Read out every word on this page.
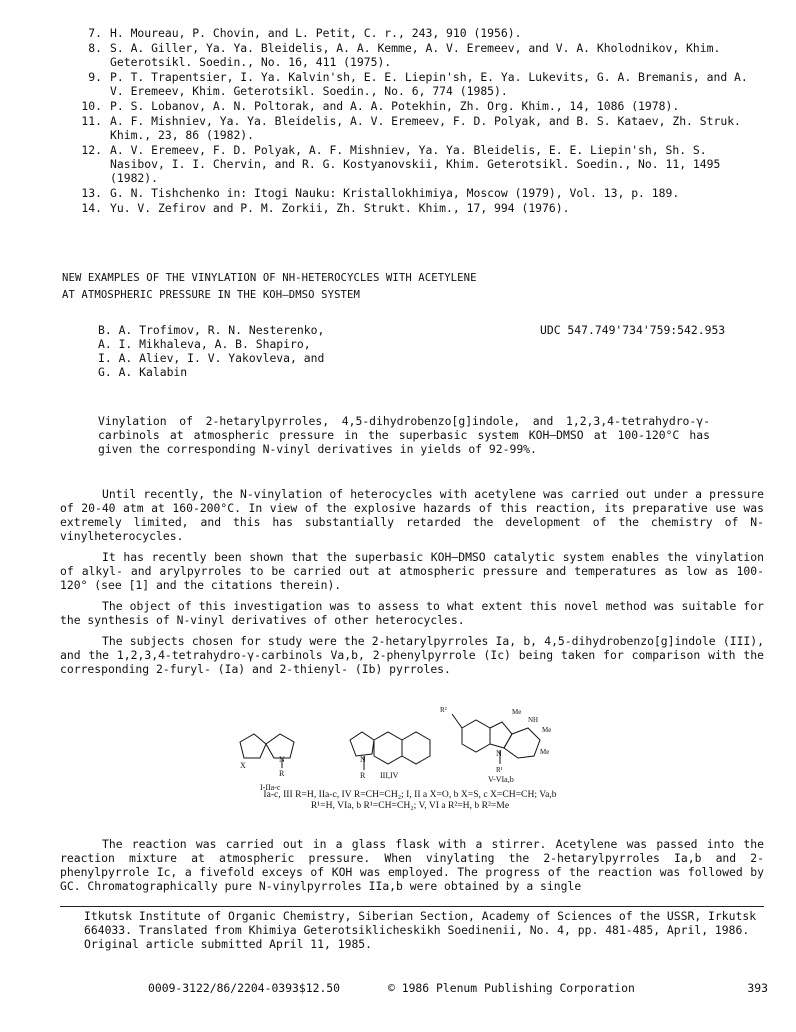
7. H. Moureau, P. Chovin, and L. Petit, C. r., 243, 910 (1956).
8. S. A. Giller, Ya. Ya. Bleidelis, A. A. Kemme, A. V. Eremeev, and V. A. Kholodnikov, Khim. Geterotsikl. Soedin., No. 16, 411 (1975).
9. P. T. Trapentsier, I. Ya. Kalvin'sh, E. E. Liepin'sh, E. Ya. Lukevits, G. A. Bremanis, and A. V. Eremeev, Khim. Geterotsikl. Soedin., No. 6, 774 (1985).
10. P. S. Lobanov, A. N. Poltorak, and A. A. Potekhin, Zh. Org. Khim., 14, 1086 (1978).
11. A. F. Mishniev, Ya. Ya. Bleidelis, A. V. Eremeev, F. D. Polyak, and B. S. Kataev, Zh. Struk. Khim., 23, 86 (1982).
12. A. V. Eremeev, F. D. Polyak, A. F. Mishniev, Ya. Ya. Bleidelis, E. E. Liepin'sh, Sh. S. Nasibov, I. I. Chervin, and R. G. Kostyanovskii, Khim. Geterotsikl. Soedin., No. 11, 1495 (1982).
13. G. N. Tishchenko in: Itogi Nauku: Kristallokhimiya, Moscow (1979), Vol. 13, p. 189.
14. Yu. V. Zefirov and P. M. Zorkii, Zh. Strukt. Khim., 17, 994 (1976).
NEW EXAMPLES OF THE VINYLATION OF NH-HETEROCYCLES WITH ACETYLENE
AT ATMOSPHERIC PRESSURE IN THE KOH—DMSO SYSTEM
B. A. Trofimov, R. N. Nesterenko,
A. I. Mikhaleva, A. B. Shapiro,
I. A. Aliev, I. V. Yakovleva, and
G. A. Kalabin
UDC 547.749'734'759:542.953
Vinylation of 2-hetarylpyrroles, 4,5-dihydrobenzo[g]indole, and 1,2,3,4-tetrahydro-γ-carbinols at atmospheric pressure in the superbasic system KOH—DMSO at 100-120°C has given the corresponding N-vinyl derivatives in yields of 92-99%.

Until recently, the N-vinylation of heterocycles with acetylene was carried out under a pressure of 20-40 atm at 160-200°C. In view of the explosive hazards of this reaction, its preparative use was extremely limited, and this has substantially retarded the development of the chemistry of N-vinylheterocycles.

It has recently been shown that the superbasic KOH—DMSO catalytic system enables the vinylation of alkyl- and arylpyrroles to be carried out at atmospheric pressure and temperatures as low as 100-120° (see [1] and the citations therein).

The object of this investigation was to assess to what extent this novel method was suitable for the synthesis of N-vinyl derivatives of other heterocycles.

The subjects chosen for study were the 2-hetarylpyrroles Ia, b, 4,5-dihydrobenzo[g]indole (III), and the 1,2,3,4-tetrahydro-γ-carbinols Va,b, 2-phenylpyrrole (Ic) being taken for comparison with the corresponding 2-furyl- (Ia) and 2-thienyl- (Ib) pyrroles.

X
N
R
I-IIa-c
N
R III,IV
R²	Me
NH
Me
Me
N
R¹
V-VIa,b
Ia-c, III R=H, IIa-c, IV R=CH=CH₂; I, II a X=O, b X=S, c X=CH=CH; Va,b
R¹=H, VIa, b R¹=CH=CH₂; V, VI a R²=H, b R²=Me

The reaction was carried out in a glass flask with a stirrer. Acetylene was passed into the reaction mixture at atmospheric pressure. When vinylating the 2-hetarylpyrroles Ia,b and 2-phenylpyrrole Ic, a fivefold exceys of KOH was employed. The progress of the reaction was followed by GC. Chromatographically pure N-vinylpyrroles IIa,b were obtained by a single

Itkutsk Institute of Organic Chemistry, Siberian Section, Academy of Sciences of the USSR, Irkutsk 664033. Translated from Khimiya Geterotsiklicheskikh Soedinenii, No. 4, pp. 481-485, April, 1986. Original article submitted April 11, 1985.
0009-3122/86/2204-0393$12.50	© 1986 Plenum Publishing Corporation	393
